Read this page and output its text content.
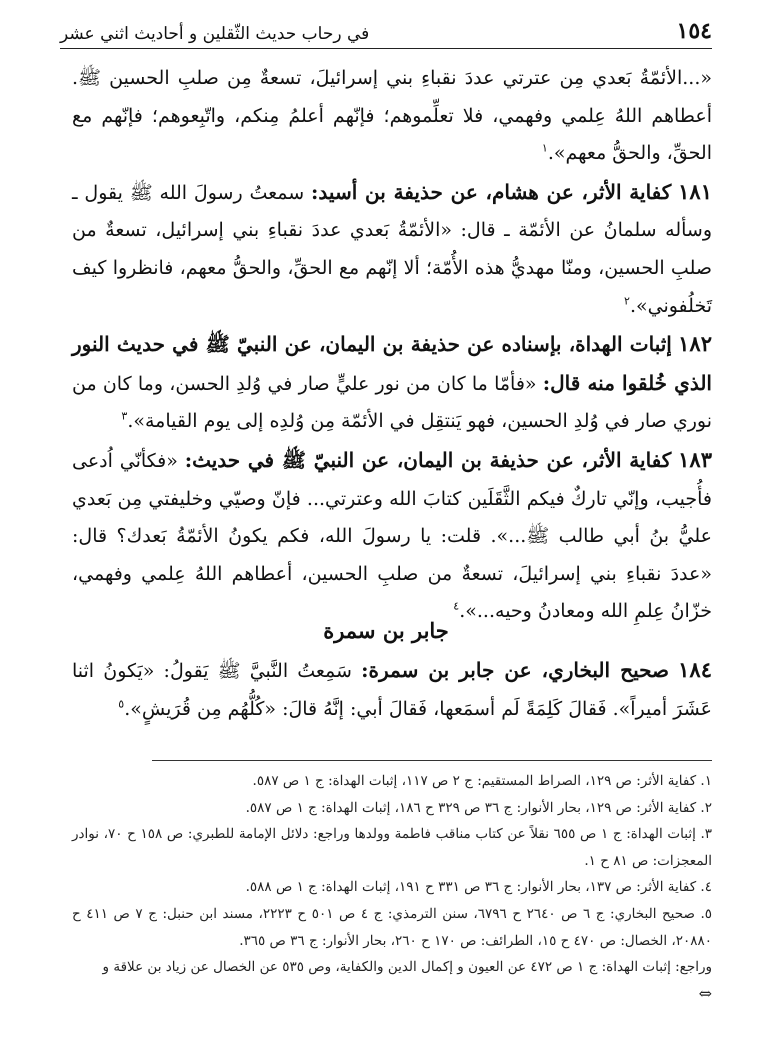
١٥٤
في رحاب حديث الثّقلين و أحاديث اثني عشر

«...الأئمّةُ بَعدي مِن عترتي عددَ نقباءِ بني إسرائيلَ، تسعةٌ مِن صلبِ الحسين ﷺ. أعطاهم اللهُ عِلمي وفهمي، فلا تعلِّموهم؛ فإنّهم أعلمُ مِنكم، واتّبِعوهم؛ فإنّهم مع الحقِّ، والحقُّ معهم».$^١$

١٨١ كفاية الأثر، عن هشام، عن حذيفة بن أسيد: سمعتُ رسولَ الله ﷺ يقول ـ وسأله سلمانُ عن الأئمّة ـ قال: «الأئمّةُ بَعدي عددَ نقباءِ بني إسرائيل، تسعةٌ من صلبِ الحسين، ومنّا مهديُّ هذه الأُمّة؛ ألا إنّهم مع الحقِّ، والحقُّ معهم، فانظروا كيف تَخلُفوني».$^٢$

١٨٢ إثبات الهداة، بإسناده عن حذيفة بن اليمان، عن النبيّ ﷺ في حديث النور الذي خُلقوا منه قال: «فأمّا ما كان من نور عليٍّ صار في وُلدِ الحسن، وما كان من نوري صار في وُلدِ الحسين، فهو يَنتقِل في الأئمّة مِن وُلدِه إلى يوم القيامة».$^٣$

١٨٣ كفاية الأثر، عن حذيفة بن اليمان، عن النبيّ ﷺ في حديث: «فكأنّي اُدعى فأُجيب، وإنّي تاركٌ فيكم الثَّقَلَين كتابَ الله وعترتي... فإنّ وصيّي وخليفتي مِن بَعدي عليُّ بنُ أبي طالب ﷺ...». قلت: يا رسولَ الله، فكم يكونُ الأئمّةُ بَعدك؟ قال: «عددَ نقباءِ بني إسرائيلَ، تسعةٌ من صلبِ الحسين، أعطاهم اللهُ عِلمي وفهمي، خزّانُ عِلمِ الله ومعادنُ وحيه...».$^٤$

جابر بن سمرة

١٨٤ صحيح البخاري، عن جابر بن سمرة: سَمِعتُ النَّبيَّ ﷺ يَقولُ: «يَكونُ اثنا عَشَرَ أميراً». فَقالَ كَلِمَةً لَم أسمَعها، فَقالَ أبي: إنَّهُ قالَ: «كُلُّهُم مِن قُرَيشٍ».$^٥$

١. كفاية الأثر: ص ١٢٩، الصراط المستقيم: ج ٢ ص ١١٧، إثبات الهداة: ج ١ ص ٥٨٧.

٢. كفاية الأثر: ص ١٢٩، بحار الأنوار: ج ٣٦ ص ٣٢٩ ح ١٨٦، إثبات الهداة: ج ١ ص ٥٨٧.

٣. إثبات الهداة: ج ١ ص ٦٥٥ نقلاً عن كتاب مناقب فاطمة وولدها وراجع: دلائل الإمامة للطبري: ص ١٥٨ ح ٧٠، نوادر المعجزات: ص ٨١ ح ١.

٤. كفاية الأثر: ص ١٣٧، بحار الأنوار: ج ٣٦ ص ٣٣١ ح ١٩١، إثبات الهداة: ج ١ ص ٥٨٨.

٥. صحيح البخاري: ج ٦ ص ٢٦٤٠ ح ٦٧٩٦، سنن الترمذي: ج ٤ ص ٥٠١ ح ٢٢٢٣، مسند ابن حنبل: ج ٧ ص ٤١١ ح ٢٠٨٨٠، الخصال: ص ٤٧٠ ح ١٥، الطرائف: ص ١٧٠ ح ٢٦٠، بحار الأنوار: ج ٣٦ ص ٣٦٥.

وراجع: إثبات الهداة: ج ١ ص ٤٧٢ عن العيون و إكمال الدين والكفاية، وص ٥٣٥ عن الخصال عن زياد بن علاقة و

⇔
